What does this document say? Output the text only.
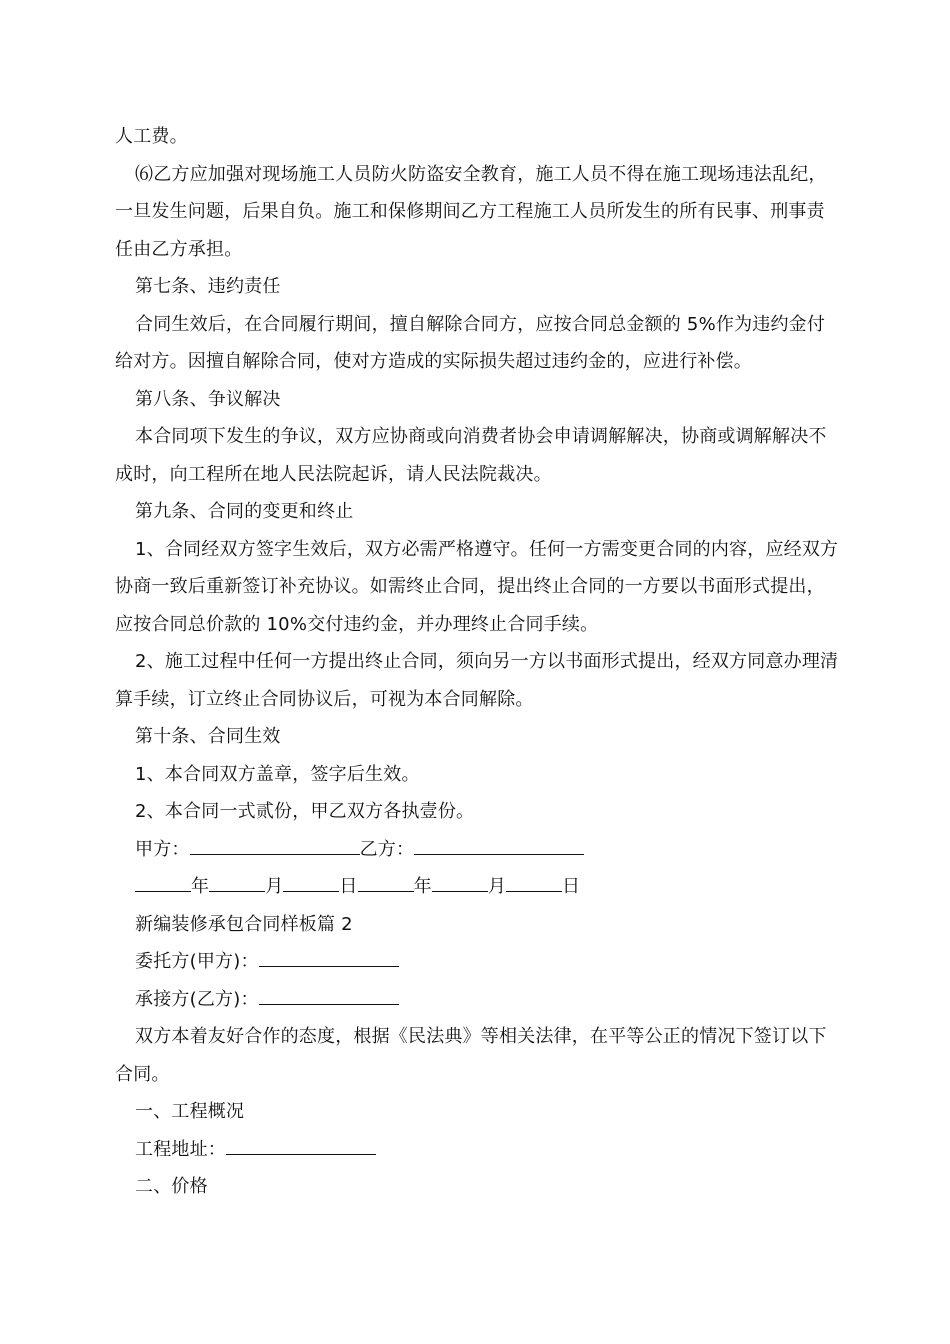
人工费。

⑹乙方应加强对现场施工人员防火防盗安全教育，施工人员不得在施工现场违法乱纪，一旦发生问题，后果自负。施工和保修期间乙方工程施工人员所发生的所有民事、刑事责任由乙方承担。

第七条、违约责任

合同生效后，在合同履行期间，擅自解除合同方，应按合同总金额的 5%作为违约金付给对方。因擅自解除合同，使对方造成的实际损失超过违约金的，应进行补偿。

第八条、争议解决

本合同项下发生的争议，双方应协商或向消费者协会申请调解解决，协商或调解解决不成时，向工程所在地人民法院起诉，请人民法院裁决。

第九条、合同的变更和终止

1、合同经双方签字生效后，双方必需严格遵守。任何一方需变更合同的内容，应经双方协商一致后重新签订补充协议。如需终止合同，提出终止合同的一方要以书面形式提出，应按合同总价款的 10%交付违约金，并办理终止合同手续。

2、施工过程中任何一方提出终止合同，须向另一方以书面形式提出，经双方同意办理清算手续，订立终止合同协议后，可视为本合同解除。

第十条、合同生效

1、本合同双方盖章，签字后生效。

2、本合同一式贰份，甲乙双方各执壹份。

甲方：	乙方：

年	月	日	年	月	日

新编装修承包合同样板篇 2

委托方(甲方)：

承接方(乙方)：

双方本着友好合作的态度，根据《民法典》等相关法律，在平等公正的情况下签订以下合同。

一、工程概况

工程地址：

二、价格
